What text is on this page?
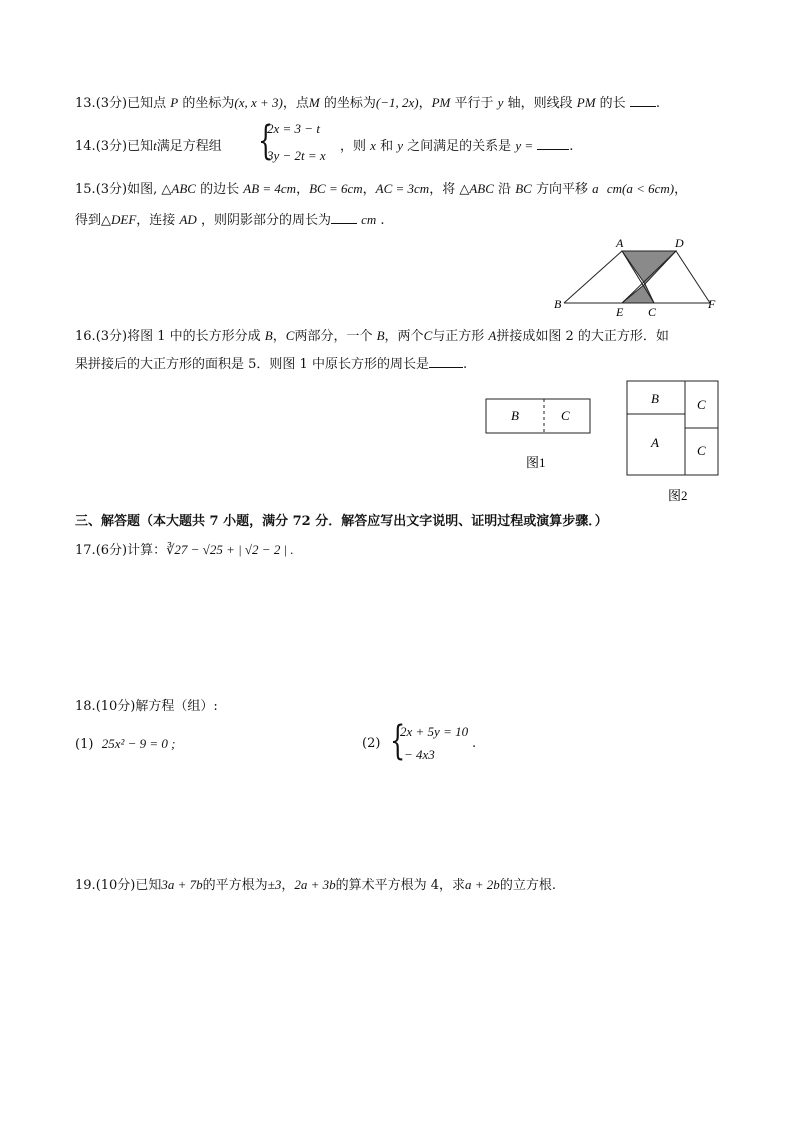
13.(3分)已知点 P 的坐标为(x, x + 3)，点M 的坐标为(−1, 2x)，PM 平行于 y 轴，则线段 PM 的长 .
14.(3分)已知t满足方程组 {
2x = 3 − t
3y − 2t = x
，则 x 和 y 之间满足的关系是 y =	.
15.(3分)如图, △ABC 的边长 AB = 4cm，BC = 6cm，AC = 3cm，将 △ABC 沿 BC 方向平移 a cm(a < 6cm)，
得到△DEF，连接 AD ，则阴影部分的周长为 cm .
A	D
B
E C
F
16.(3分)将图 1 中的长方形分成 B，C两部分，一个 B，两个C与正方形 A拼接成如图 2 的大正方形．如
果拼接后的大正方形的面积是 5．则图 1 中原长方形的周长是	.
B	C
图1
B
A
C
C
图2
三、解答题（本大题共 7 小题，满分 72 分．解答应写出文字说明、证明过程或演算步骤．）
17.(6分)计算：∛27 − √25 + | √2 − 2 | .
18.(10分)解方程（组）:
(1) 25x² − 9 = 0 ;	(2) {
2x + 5y = 10
− 4x3
.
19.(10分)已知3a + 7b的平方根为±3，2a + 3b的算术平方根为 4，求a + 2b的立方根.
